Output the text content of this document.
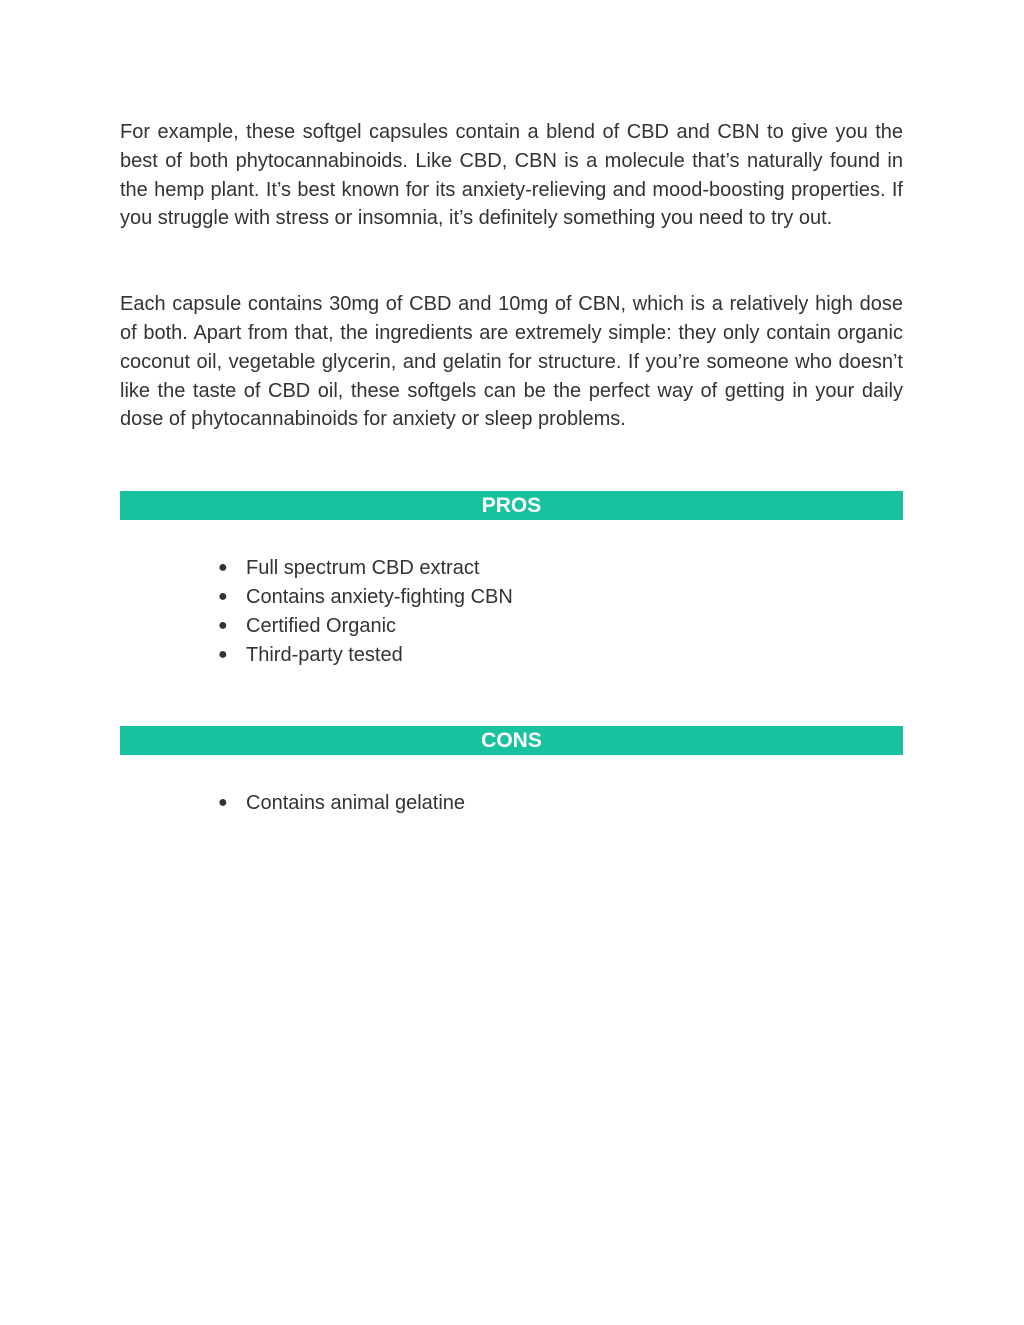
For example, these softgel capsules contain a blend of CBD and CBN to give you the best of both phytocannabinoids. Like CBD, CBN is a molecule that’s naturally found in the hemp plant. It’s best known for its anxiety-relieving and mood-boosting properties. If you struggle with stress or insomnia, it’s definitely something you need to try out.

Each capsule contains 30mg of CBD and 10mg of CBN, which is a relatively high dose of both. Apart from that, the ingredients are extremely simple: they only contain organic coconut oil, vegetable glycerin, and gelatin for structure. If you’re someone who doesn’t like the taste of CBD oil, these softgels can be the perfect way of getting in your daily dose of phytocannabinoids for anxiety or sleep problems.

PROS
● Full spectrum CBD extract
● Contains anxiety-fighting CBN
● Certified Organic
● Third-party tested
CONS
● Contains animal gelatine
